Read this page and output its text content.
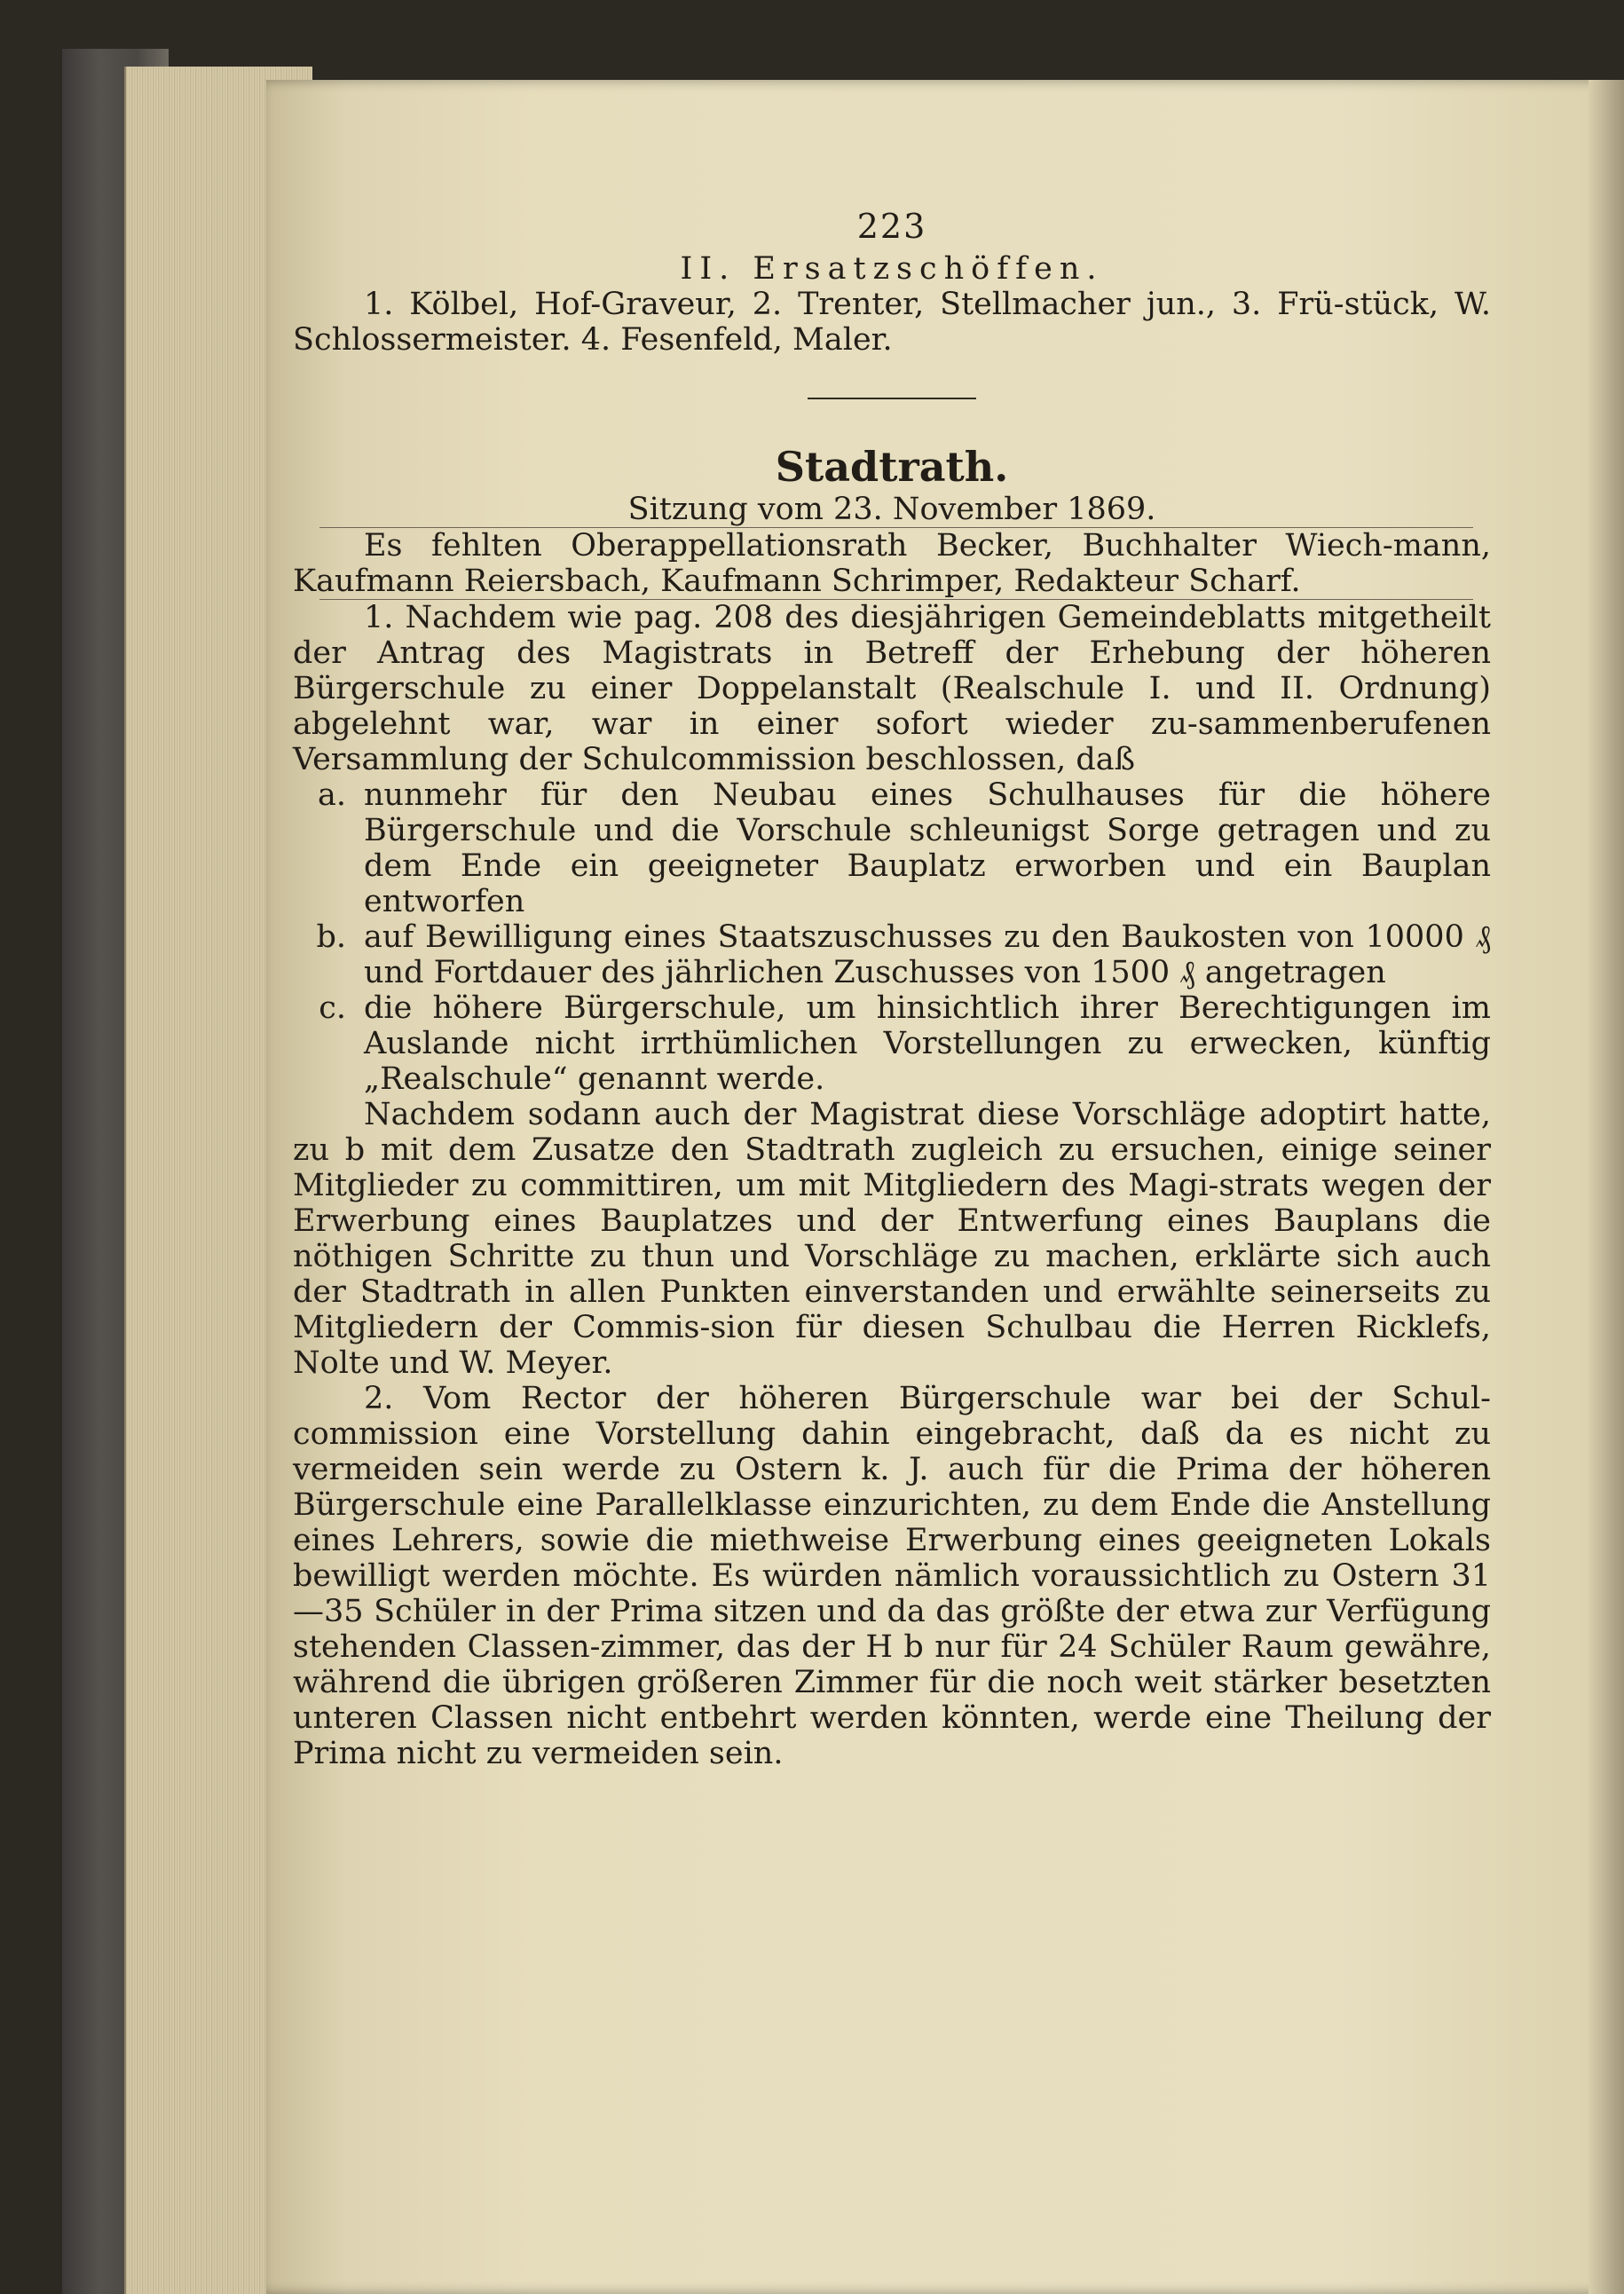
223
II. Ersatzschöffen.

1. Kölbel, Hof-Graveur, 2. Trenter, Stellmacher jun., 3. Frü-stück, W. Schlossermeister. 4. Fesenfeld, Maler.

Stadtrath.

Sitzung vom 23. November 1869.

Es fehlten Oberappellationsrath Becker, Buchhalter Wiech-mann, Kaufmann Reiersbach, Kaufmann Schrimper, Redakteur Scharf.

1. Nachdem wie pag. 208 des diesjährigen Gemeindeblatts mitgetheilt der Antrag des Magistrats in Betreff der Erhebung der höheren Bürgerschule zu einer Doppelanstalt (Realschule I. und II. Ordnung) abgelehnt war, war in einer sofort wieder zu-sammenberufenen Versammlung der Schulcommission beschlossen, daß

a. nunmehr für den Neubau eines Schulhauses für die höhere Bürgerschule und die Vorschule schleunigst Sorge getragen und zu dem Ende ein geeigneter Bauplatz erworben und ein Bauplan entworfen
b. auf Bewilligung eines Staatszuschusses zu den Baukosten von 10000 ₰ und Fortdauer des jährlichen Zuschusses von 1500 ₰ angetragen
c. die höhere Bürgerschule, um hinsichtlich ihrer Berechtigungen im Auslande nicht irrthümlichen Vorstellungen zu erwecken, künftig „Realschule“ genannt werde.

Nachdem sodann auch der Magistrat diese Vorschläge adoptirt hatte, zu b mit dem Zusatze den Stadtrath zugleich zu ersuchen, einige seiner Mitglieder zu committiren, um mit Mitgliedern des Magi-strats wegen der Erwerbung eines Bauplatzes und der Entwerfung eines Bauplans die nöthigen Schritte zu thun und Vorschläge zu machen, erklärte sich auch der Stadtrath in allen Punkten einverstanden und erwählte seinerseits zu Mitgliedern der Commis-sion für diesen Schulbau die Herren Ricklefs, Nolte und W. Meyer.

2. Vom Rector der höheren Bürgerschule war bei der Schul-commission eine Vorstellung dahin eingebracht, daß da es nicht zu vermeiden sein werde zu Ostern k. J. auch für die Prima der höheren Bürgerschule eine Parallelklasse einzurichten, zu dem Ende die Anstellung eines Lehrers, sowie die miethweise Erwerbung eines geeigneten Lokals bewilligt werden möchte. Es würden nämlich voraussichtlich zu Ostern 31—35 Schüler in der Prima sitzen und da das größte der etwa zur Verfügung stehenden Classen-zimmer, das der H b nur für 24 Schüler Raum gewähre, während die übrigen größeren Zimmer für die noch weit stärker besetzten unteren Classen nicht entbehrt werden könnten, werde eine Theilung der Prima nicht zu vermeiden sein.
